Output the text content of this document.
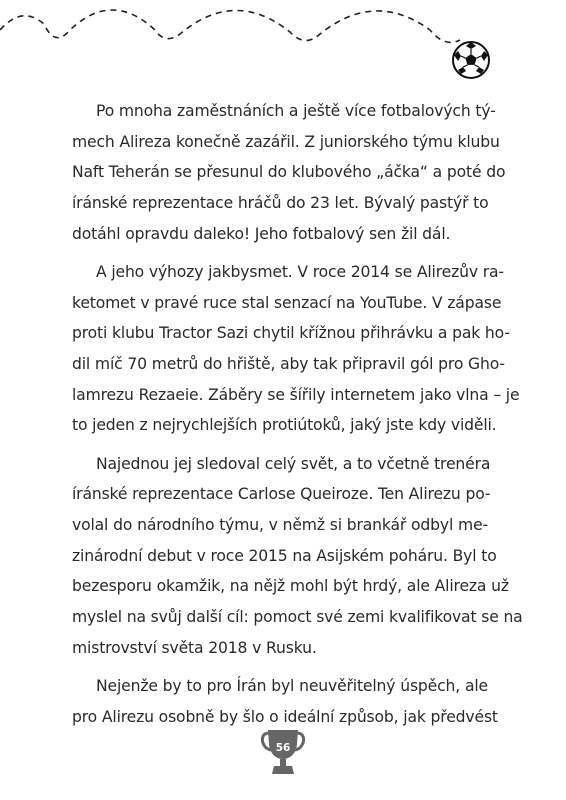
Po mnoha zaměstnáních a ještě více fotbalových tý-
mech Alireza konečně zazářil. Z juniorského týmu klubu
Naft Teherán se přesunul do klubového „áčka“ a poté do
íránské reprezentace hráčů do 23 let. Bývalý pastýř to
dotáhl opravdu daleko! Jeho fotbalový sen žil dál.
A jeho výhozy jakbysmet. V roce 2014 se Alirezův ra-
ketomet v pravé ruce stal senzací na YouTube. V zápase
proti klubu Tractor Sazi chytil křížnou přihrávku a pak ho-
dil míč 70 metrů do hřiště, aby tak připravil gól pro Gho-
lamrezu Rezaeie. Záběry se šířily internetem jako vlna – je
to jeden z nejrychlejších protiútoků, jaký jste kdy viděli.
Najednou jej sledoval celý svět, a to včetně trenéra
íránské reprezentace Carlose Queiroze. Ten Alirezu po-
volal do národního týmu, v němž si brankář odbyl me-
zinárodní debut v roce 2015 na Asijském poháru. Byl to
bezesporu okamžik, na nějž mohl být hrdý, ale Alireza už
myslel na svůj další cíl: pomoct své zemi kvalifikovat se na
mistrovství světa 2018 v Rusku.
Nejenže by to pro Írán byl neuvěřitelný úspěch, ale
pro Alirezu osobně by šlo o ideální způsob, jak předvést
56
